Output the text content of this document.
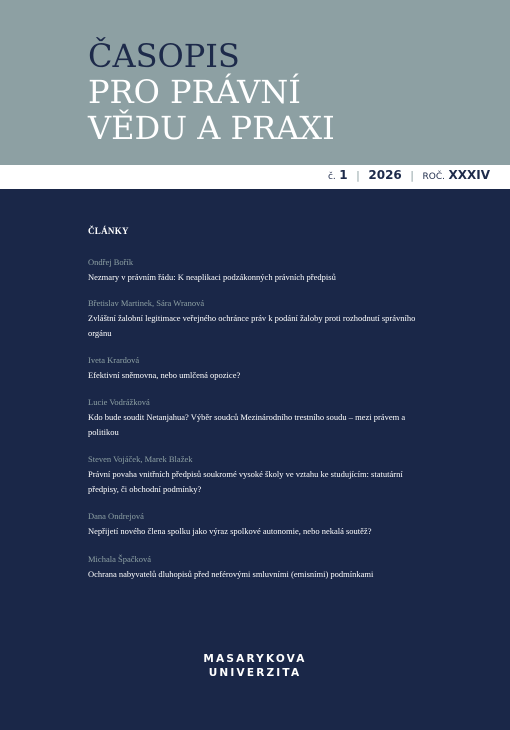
ČASOPIS
PRO PRÁVNÍ
VĚDU A PRAXI
č. 1 | 2026 | ROČ. XXXIV
ČLÁNKY
Ondřej Bořík
Nezmary v právním řádu: K neaplikaci podzákonných právních předpisů
Břetislav Martinek, Sára Wranová
Zvláštní žalobní legitimace veřejného ochránce práv k podání žaloby proti rozhodnutí správního orgánu
Iveta Krardová
Efektivní sněmovna, nebo umlčená opozice?
Lucie Vodrážková
Kdo bude soudit Netanjahua? Výběr soudců Mezinárodního trestního soudu – mezi právem a politikou
Steven Vojáček, Marek Blažek
Právní povaha vnitřních předpisů soukromé vysoké školy ve vztahu ke studujícím: statutární předpisy, či obchodní podmínky?
Dana Ondrejová
Nepřijetí nového člena spolku jako výraz spolkové autonomie, nebo nekalá soutěž?
Michala Špačková
Ochrana nabyvatelů dluhopisů před neférovými smluvními (emisními) podmínkami
MASARYKOVA
UNIVERZITA
